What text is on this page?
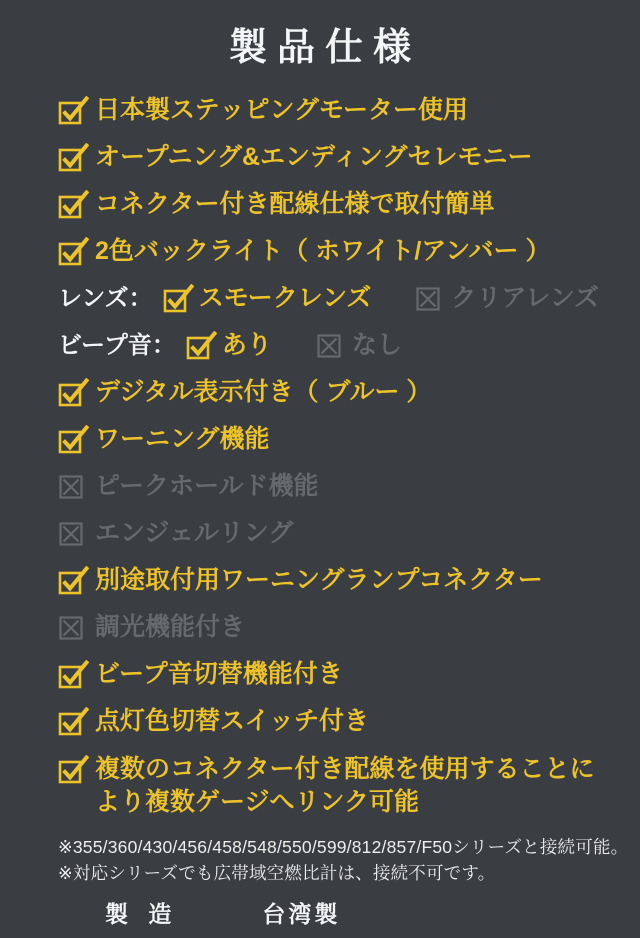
製品仕様
日本製ステッピングモーター使用
オープニング&エンディングセレモニー
コネクター付き配線仕様で取付簡単
2色バックライト（ ホワイト/アンバー ）
レンズ： スモークレンズ	クリアレンズ
ビープ音： あり	なし
デジタル表示付き（ ブルー ）
ワーニング機能
ピークホールド機能
エンジェルリング
別途取付用ワーニングランプコネクター
調光機能付き
ビープ音切替機能付き
点灯色切替スイッチ付き
複数のコネクター付き配線を使用することに
より複数ゲージへリンク可能
※355/360/430/456/458/548/550/599/812/857/F50シリーズと接続可能。
※対応シリーズでも広帯域空燃比計は、接続不可です。
製 造	台湾製
